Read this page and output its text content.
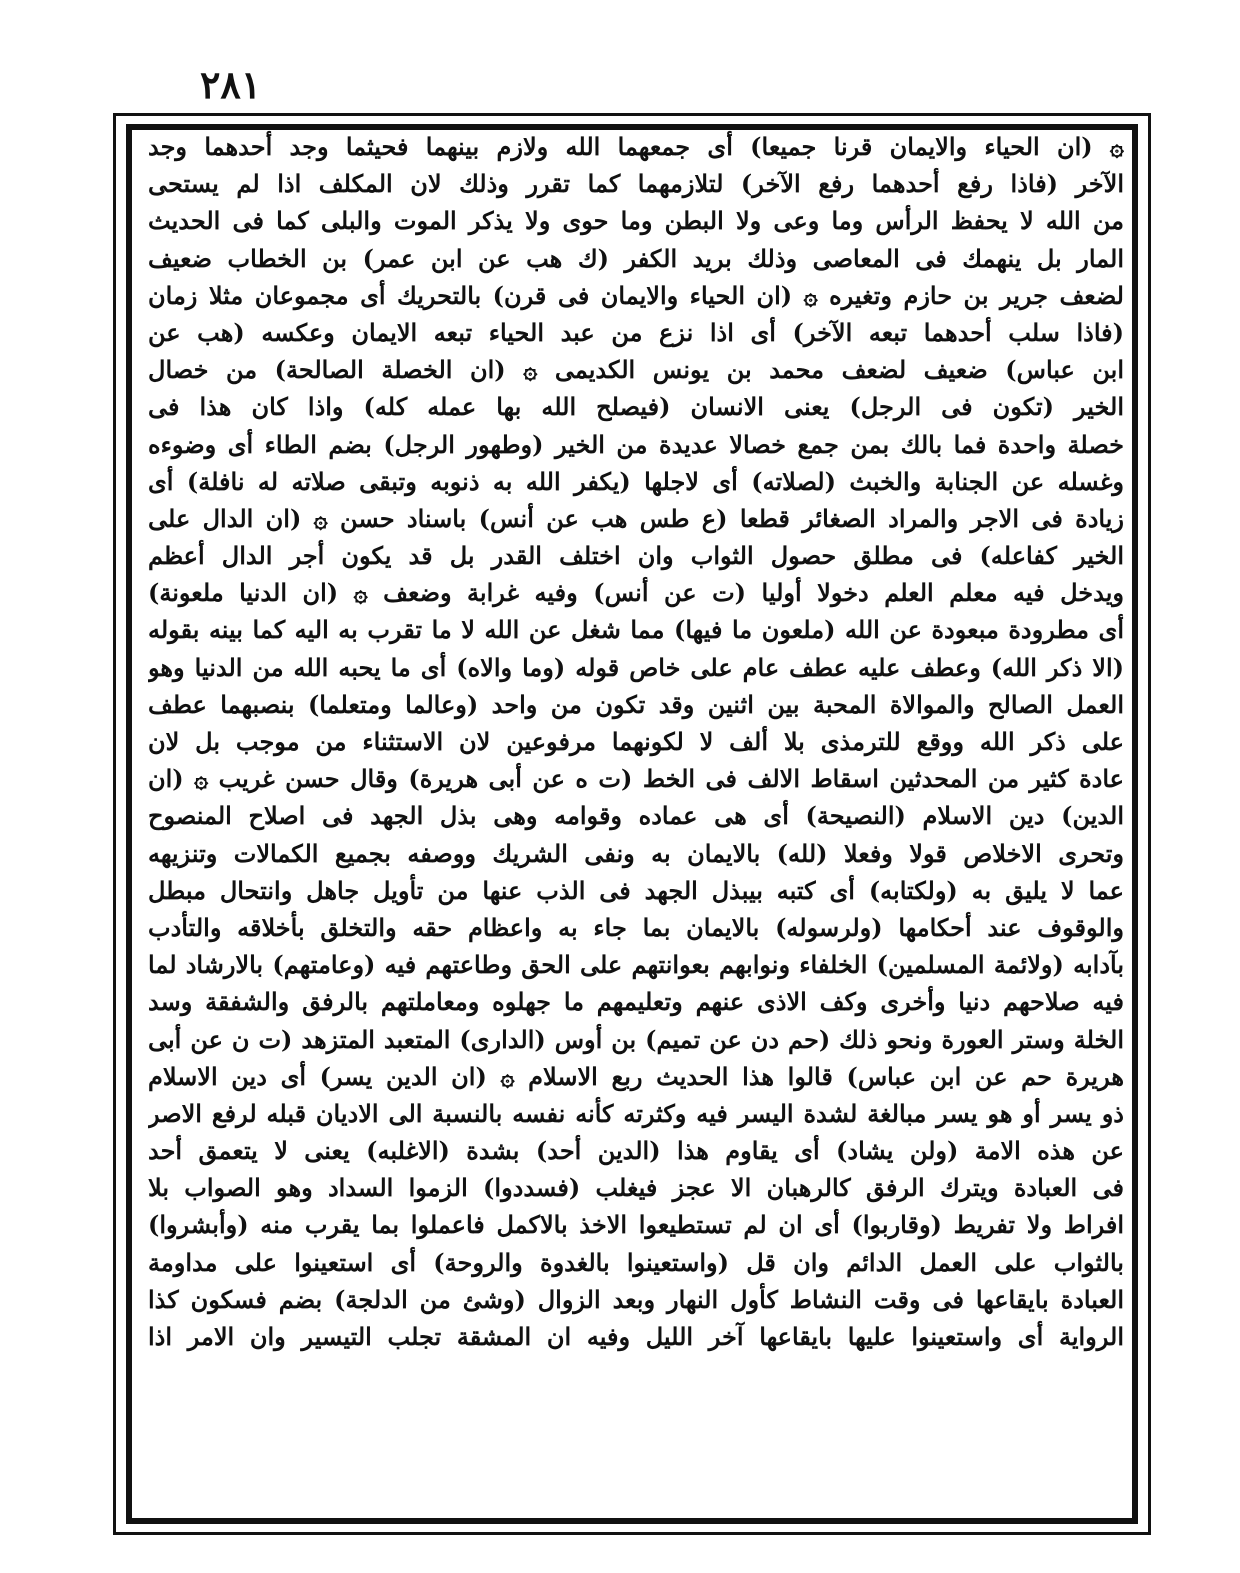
٢٨١
۞ (ان الحياء والايمان قرنا جميعا) أى جمعهما الله ولازم بينهما فحيثما وجد أحدهما وجد
الآخر (فاذا رفع أحدهما رفع الآخر) لتلازمهما كما تقرر وذلك لان المكلف اذا لم يستحى
من الله لا يحفظ الرأس وما وعى ولا البطن وما حوى ولا يذكر الموت والبلى كما فى الحديث
المار بل ينهمك فى المعاصى وذلك بريد الكفر (ك هب عن ابن عمر) بن الخطاب ضعيف
لضعف جرير بن حازم وتغيره ۞ (ان الحياء والايمان فى قرن) بالتحريك أى مجموعان مثلا زمان
(فاذا سلب أحدهما تبعه الآخر) أى اذا نزع من عبد الحياء تبعه الايمان وعكسه (هب عن
ابن عباس) ضعيف لضعف محمد بن يونس الكديمى ۞ (ان الخصلة الصالحة) من خصال
الخير (تكون فى الرجل) يعنى الانسان (فيصلح الله بها عمله كله) واذا كان هذا فى
خصلة واحدة فما بالك بمن جمع خصالا عديدة من الخير (وطهور الرجل) بضم الطاء أى وضوءه
وغسله عن الجنابة والخبث (لصلاته) أى لاجلها (يكفر الله به ذنوبه وتبقى صلاته له نافلة) أى
زيادة فى الاجر والمراد الصغائر قطعا (ع طس هب عن أنس) باسناد حسن ۞ (ان الدال على
الخير كفاعله) فى مطلق حصول الثواب وان اختلف القدر بل قد يكون أجر الدال أعظم
ويدخل فيه معلم العلم دخولا أوليا (ت عن أنس) وفيه غرابة وضعف ۞ (ان الدنيا ملعونة)
أى مطرودة مبعودة عن الله (ملعون ما فيها) مما شغل عن الله لا ما تقرب به اليه كما بينه بقوله
(الا ذكر الله) وعطف عليه عطف عام على خاص قوله (وما والاه) أى ما يحبه الله من الدنيا وهو
العمل الصالح والموالاة المحبة بين اثنين وقد تكون من واحد (وعالما ومتعلما) بنصبهما عطف
على ذكر الله ووقع للترمذى بلا ألف لا لكونهما مرفوعين لان الاستثناء من موجب بل لان
عادة كثير من المحدثين اسقاط الالف فى الخط (ت ه عن أبى هريرة) وقال حسن غريب ۞ (ان
الدين) دين الاسلام (النصيحة) أى هى عماده وقوامه وهى بذل الجهد فى اصلاح المنصوح
وتحرى الاخلاص قولا وفعلا (لله) بالايمان به ونفى الشريك ووصفه بجميع الكمالات وتنزيهه
عما لا يليق به (ولكتابه) أى كتبه بيبذل الجهد فى الذب عنها من تأويل جاهل وانتحال مبطل
والوقوف عند أحكامها (ولرسوله) بالايمان بما جاء به واعظام حقه والتخلق بأخلاقه والتأدب
بآدابه (ولائمة المسلمين) الخلفاء ونوابهم بعوانتهم على الحق وطاعتهم فيه (وعامتهم) بالارشاد لما
فيه صلاحهم دنيا وأخرى وكف الاذى عنهم وتعليمهم ما جهلوه ومعاملتهم بالرفق والشفقة وسد
الخلة وستر العورة ونحو ذلك (حم دن عن تميم) بن أوس (الدارى) المتعبد المتزهد (ت ن عن أبى
هريرة حم عن ابن عباس) قالوا هذا الحديث ربع الاسلام ۞ (ان الدين يسر) أى دين الاسلام
ذو يسر أو هو يسر مبالغة لشدة اليسر فيه وكثرته كأنه نفسه بالنسبة الى الاديان قبله لرفع الاصر
عن هذه الامة (ولن يشاد) أى يقاوم هذا (الدين أحد) بشدة (الاغلبه) يعنى لا يتعمق أحد
فى العبادة ويترك الرفق كالرهبان الا عجز فيغلب (فسددوا) الزموا السداد وهو الصواب بلا
افراط ولا تفريط (وقاربوا) أى ان لم تستطيعوا الاخذ بالاكمل فاعملوا بما يقرب منه (وأبشروا)
بالثواب على العمل الدائم وان قل (واستعينوا بالغدوة والروحة) أى استعينوا على مداومة
العبادة بايقاعها فى وقت النشاط كأول النهار وبعد الزوال (وشئ من الدلجة) بضم فسكون كذا
الرواية أى واستعينوا عليها بايقاعها آخر الليل وفيه ان المشقة تجلب التيسير وان الامر اذا
